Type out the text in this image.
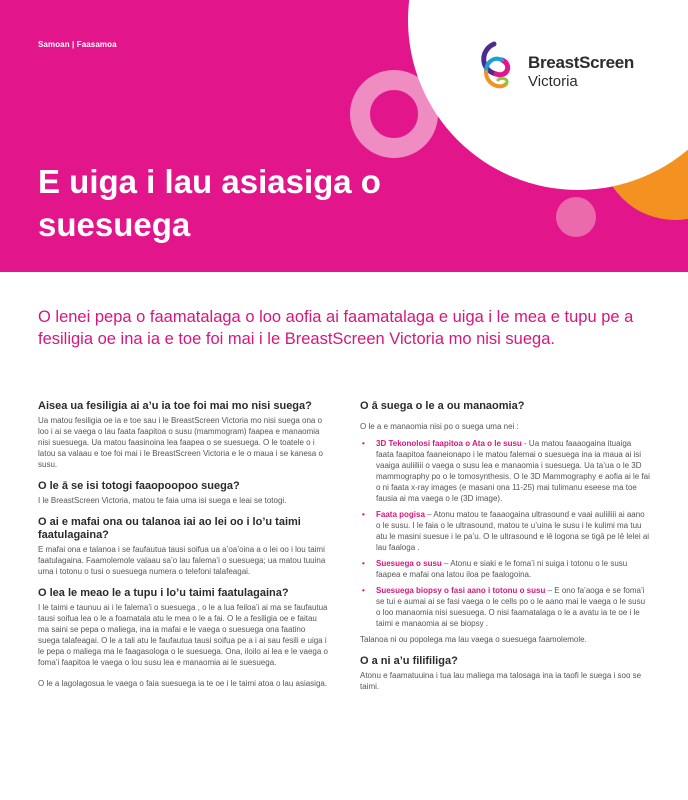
Samoan | Faasamoa
E uiga i lau asiasiga o suesuega
BreastScreen
Victoria

O lenei pepa o faamatalaga o loo aofia ai faamatalaga e uiga i le mea e tupu pe a fesiligia oe ina ia e toe foi mai i le BreastScreen Victoria mo nisi suega.

Aisea ua fesiligia ai a’u ia toe foi mai mo nisi suega?

Ua matou fesiligia oe ia e toe sau i le BreastScreen Victoria mo nisi suega ona o loo i ai se vaega o lau faata faapitoa o susu (mammogram) faapea e manaomia nisi suesuega. Ua matou faasinoina lea faapea o se suesuega. O le toatele o i latou sa valaau e toe foi mai i le BreastScreen Victoria e le o maua i se kanesa o susu.

O le ā se isi totogi faaopoopoo suega?

I le BreastScreen Victoria, matou te faia uma isi suega e leai se totogi.

O ai e mafai ona ou talanoa iai ao lei oo i lo’u taimi faatulagaina?

E mafai ona e talanoa i se faufautua tausi soifua ua a’oa’oina a o lei oo i lou taimi faatulagaina. Faamolemole valaau sa’o lau falema’i o suesuega; ua matou tuuina uma i totonu o tusi o suesuega numera o telefoni talafeagai.

O lea le meao le a tupu i lo’u taimi faatulagaina?

I le taimi e taunuu ai i le falema’i o suesuega , o le a lua feiloa’i ai ma se faufautua tausi soifua lea o le a foamatala atu le mea o le a fai. O le a fesiligia oe e faitau ma saini se pepa o maliega, ina ia mafai e le vaega o suesuega ona faatino suega talafeagai. O le a tali atu le faufautua tausi soifua pe a i ai sau fesili e uiga i le pepa o maliega ma le faagasologa o le suesuega. Ona, iloilo ai lea e le vaega o foma’i faapitoa le vaega o lou susu lea e manaomia ai le suesuega.

O le a lagolagosua le vaega o faia suesuega ia te oe i le taimi atoa o lau asiasiga.

O ā suega o le a ou manaomia?

O le a e manaomia nisi po o suega uma nei :

• 3D Tekonolosi faapitoa o Ata o le susu - Ua matou faaaogaina ituaiga faata faapitoa faaneionapo i le matou falemai o suesuega ina ia maua ai isi vaaiga auliiliii o vaega o susu lea e manaomia i suesuega. Ua ta’ua o le 3D mammography po o le tomosynthesis. O le 3D Mammography e aofia ai le fai o ni faata x-ray images (e masani ona 11-25) mai tulimanu eseese ma toe fausia ai ma vaega o le (3D image).
• Faata pogisa – Atonu matou te faaaogaina ultrasound e vaai auliiliii ai aano o le susu. I le faia o le ultrasound, matou te u’uina le susu i le kulimi ma tuu atu le masini suesue i le pa’u. O le ultrasound e lē logona se tigā pe lē lelei ai lau faaloga .
• Suesuega o susu – Atonu e siaki e le foma’i ni suiga i totonu o le susu faapea e mafai ona latou iloa pe faalogoina.
• Suesuega biopsy o fasi aano i totonu o susu – E ono fa’aoga e se foma’i se tui e aumai ai se fasi vaega o le cells po o le aano mai le vaega o le susu o loo manaomia nisi suesuega. O nisi faamatalaga o le a avatu ia te oe i le taimi e manaomia ai se biopsy .

Talanoa ni ou popolega ma lau vaega o suesuega faamolemole.

O a ni a’u filifiliga?

Atonu e faamatuuina i tua lau maliega ma talosaga ina ia taofi le suega i soo se taimi.
